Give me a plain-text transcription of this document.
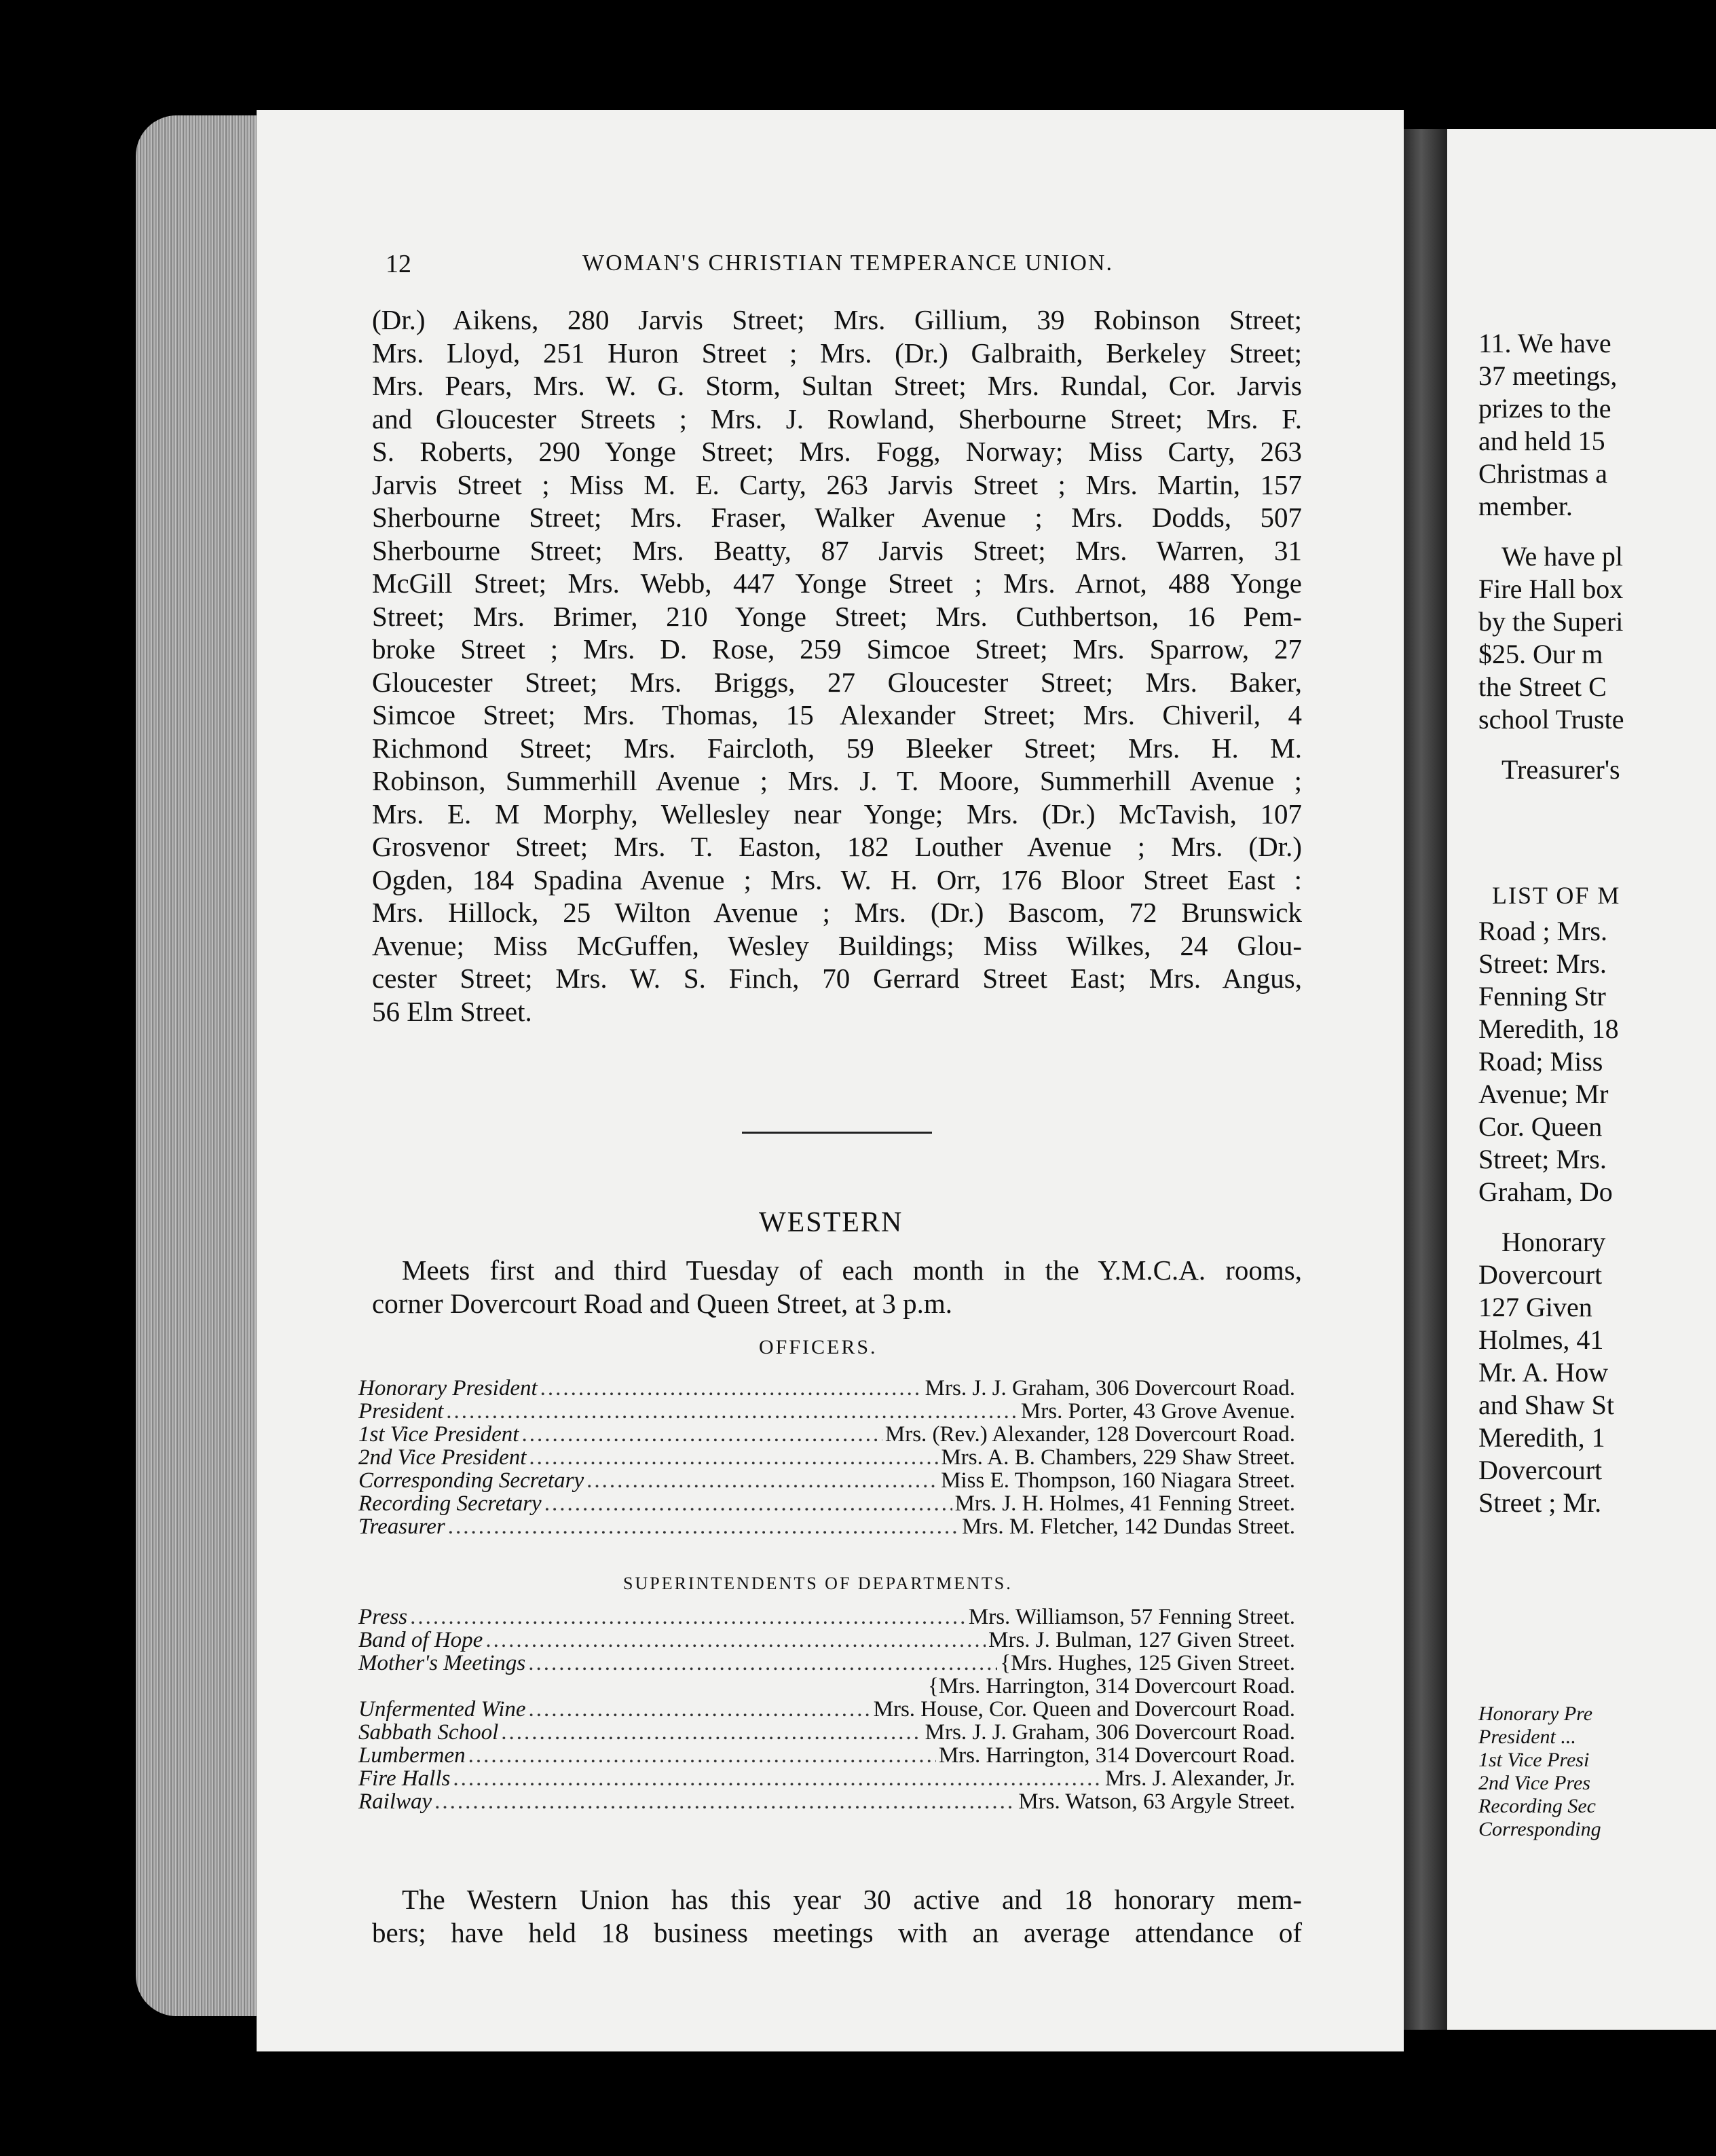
12	WOMAN'S CHRISTIAN TEMPERANCE UNION.
(Dr.) Aikens, 280 Jarvis Street; Mrs. Gillium, 39 Robinson Street;
Mrs. Lloyd, 251 Huron Street ; Mrs. (Dr.) Galbraith, Berkeley Street;
Mrs. Pears, Mrs. W. G. Storm, Sultan Street; Mrs. Rundal, Cor. Jarvis
and Gloucester Streets ; Mrs. J. Rowland, Sherbourne Street; Mrs. F.
S. Roberts, 290 Yonge Street; Mrs. Fogg, Norway; Miss Carty, 263
Jarvis Street ; Miss M. E. Carty, 263 Jarvis Street ; Mrs. Martin, 157
Sherbourne Street; Mrs. Fraser, Walker Avenue ; Mrs. Dodds, 507
Sherbourne Street; Mrs. Beatty, 87 Jarvis Street; Mrs. Warren, 31
McGill Street; Mrs. Webb, 447 Yonge Street ; Mrs. Arnot, 488 Yonge
Street; Mrs. Brimer, 210 Yonge Street; Mrs. Cuthbertson, 16 Pem-
broke Street ; Mrs. D. Rose, 259 Simcoe Street; Mrs. Sparrow, 27
Gloucester Street; Mrs. Briggs, 27 Gloucester Street; Mrs. Baker,
Simcoe Street; Mrs. Thomas, 15 Alexander Street; Mrs. Chiveril, 4
Richmond Street; Mrs. Faircloth, 59 Bleeker Street; Mrs. H. M.
Robinson, Summerhill Avenue ; Mrs. J. T. Moore, Summerhill Avenue ;
Mrs. E. M Morphy, Wellesley near Yonge; Mrs. (Dr.) McTavish, 107
Grosvenor Street; Mrs. T. Easton, 182 Louther Avenue ; Mrs. (Dr.)
Ogden, 184 Spadina Avenue ; Mrs. W. H. Orr, 176 Bloor Street East :
Mrs. Hillock, 25 Wilton Avenue ; Mrs. (Dr.) Bascom, 72 Brunswick
Avenue; Miss McGuffen, Wesley Buildings; Miss Wilkes, 24 Glou-
cester Street; Mrs. W. S. Finch, 70 Gerrard Street East; Mrs. Angus,
56 Elm Street.
WESTERN
Meets first and third Tuesday of each month in the Y.M.C.A. rooms,
corner Dovercourt Road and Queen Street, at 3 p.m.
OFFICERS.
Honorary President .....	Mrs. J. J. Graham, 306 Dovercourt Road.
President .....	Mrs. Porter, 43 Grove Avenue.
1st Vice President .....	Mrs. (Rev.) Alexander, 128 Dovercourt Road.
2nd Vice President .....	Mrs. A. B. Chambers, 229 Shaw Street.
Corresponding Secretary .....	Miss E. Thompson, 160 Niagara Street.
Recording Secretary .....	Mrs. J. H. Holmes, 41 Fenning Street.
Treasurer .....	Mrs. M. Fletcher, 142 Dundas Street.
SUPERINTENDENTS OF DEPARTMENTS.
Press .....	Mrs. Williamson, 57 Fenning Street.
Band of Hope .....	Mrs. J. Bulman, 127 Given Street.
Mother's Meetings .....	{Mrs. Hughes, 125 Given Street.
{Mrs. Harrington, 314 Dovercourt Road.
Unfermented Wine .....	Mrs. House, Cor. Queen and Dovercourt Road.
Sabbath School .....	Mrs. J. J. Graham, 306 Dovercourt Road.
Lumbermen .....	Mrs. Harrington, 314 Dovercourt Road.
Fire Halls .....	Mrs. J. Alexander, Jr.
Railway .....	Mrs. Watson, 63 Argyle Street.
The Western Union has this year 30 active and 18 honorary mem-
bers; have held 18 business meetings with an average attendance of
11. We have
37 meetings,
prizes to the
and held 15
Christmas a
member.
We have pl
Fire Hall box
by the Superi
$25. Our m
the Street C
school Truste
Treasurer's
LIST OF M
Road ; Mrs.
Street: Mrs.
Fenning Str
Meredith, 18
Road; Miss
Avenue; Mr
Cor. Queen
Street; Mrs.
Graham, Do
Honorary
Dovercourt
127 Given
Holmes, 41
Mr. A. How
and Shaw St
Meredith, 1
Dovercourt
Street ; Mr.
Honorary Pre
President ...
1st Vice Presi
2nd Vice Pres
Recording Sec
Corresponding
